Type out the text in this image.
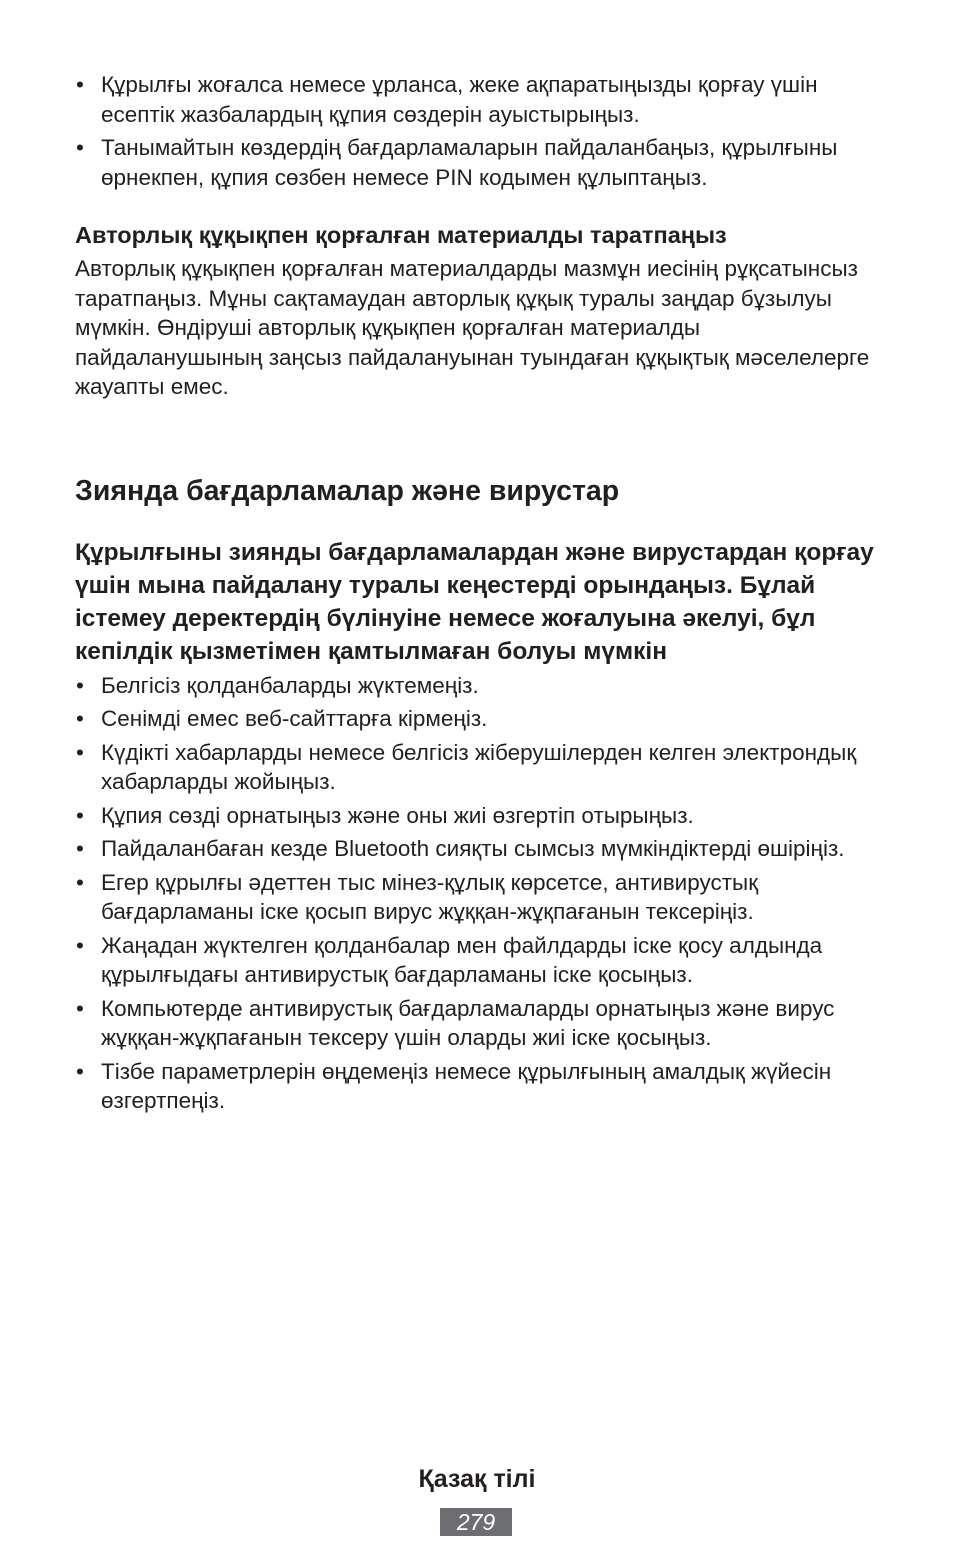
• Құрылғы жоғалса немесе ұрланса, жеке ақпаратыңызды қорғау үшін есептік жазбалардың құпия сөздерін ауыстырыңыз.
• Танымайтын көздердің бағдарламаларын пайдаланбаңыз, құрылғыны өрнекпен, құпия сөзбен немесе PIN кодымен құлыптаңыз.
Авторлық құқықпен қорғалған материалды таратпаңыз

Авторлық құқықпен қорғалған материалдарды мазмұн иесінің рұқсатынсыз таратпаңыз. Мұны сақтамаудан авторлық құқық туралы заңдар бұзылуы мүмкін. Өндіруші авторлық құқықпен қорғалған материалды пайдаланушының заңсыз пайдалануынан туындаған құқықтық мәселелерге жауапты емес.

Зиянда бағдарламалар және вирустар

Құрылғыны зиянды бағдарламалардан және вирустардан қорғау үшін мына пайдалану туралы кеңестерді орындаңыз. Бұлай істемеу деректердің бүлінуіне немесе жоғалуына әкелуі, бұл кепілдік қызметімен қамтылмаған болуы мүмкін

• Белгісіз қолданбаларды жүктемеңіз.
• Сенімді емес веб-сайттарға кірмеңіз.
• Күдікті хабарларды немесе белгісіз жіберушілерден келген электрондық хабарларды жойыңыз.
• Құпия сөзді орнатыңыз және оны жиі өзгертіп отырыңыз.
• Пайдаланбаған кезде Bluetooth сияқты сымсыз мүмкіндіктерді өшіріңіз.
• Егер құрылғы әдеттен тыс мінез-құлық көрсетсе, антивирустық бағдарламаны іске қосып вирус жұққан-жұқпағанын тексеріңіз.
• Жаңадан жүктелген қолданбалар мен файлдарды іске қосу алдында құрылғыдағы антивирустық бағдарламаны іске қосыңыз.
• Компьютерде антивирустық бағдарламаларды орнатыңыз және вирус жұққан-жұқпағанын тексеру үшін оларды жиі іске қосыңыз.
• Тізбе параметрлерін өңдемеңіз немесе құрылғының амалдық жүйесін өзгертпеңіз.
Қазақ тілі
279
